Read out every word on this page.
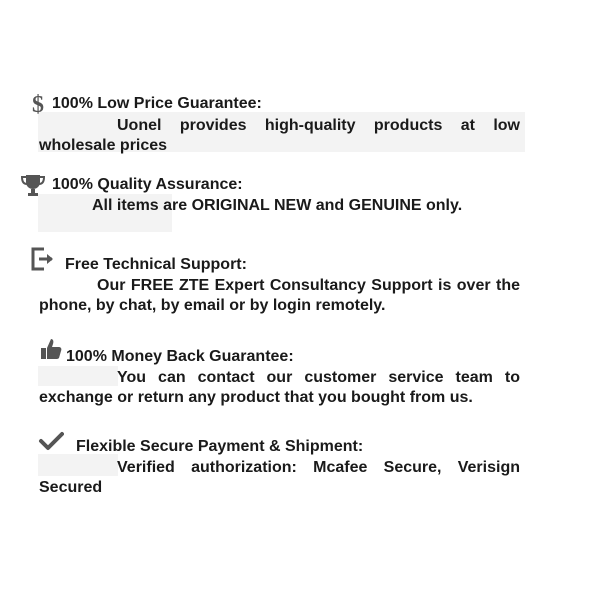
$ 100% Low Price Guarantee:
Uonel provides high-quality products at low wholesale prices
100% Quality Assurance:
All items are ORIGINAL NEW and GENUINE only.
Free Technical Support:
Our FREE ZTE Expert Consultancy Support is over the phone, by chat, by email or by login remotely.
100% Money Back Guarantee:
You can contact our customer service team to exchange or return any product that you bought from us.
Flexible Secure Payment & Shipment:
Verified authorization: Mcafee Secure, Verisign Secured
